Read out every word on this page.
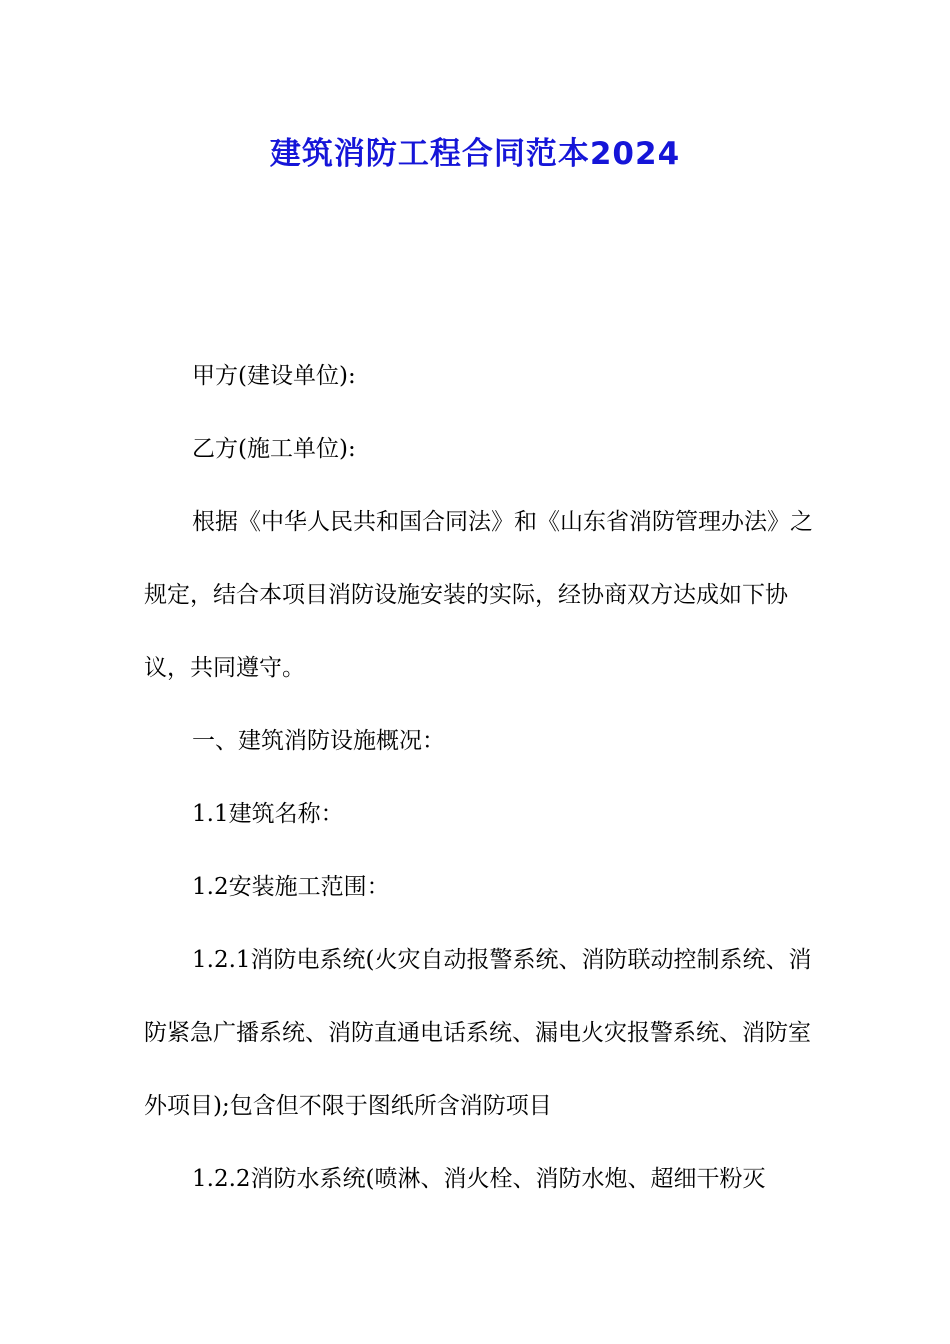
建筑消防工程合同范本2024

甲方(建设单位):

乙方(施工单位):

根据《中华人民共和国合同法》和《山东省消防管理办法》之规定，结合本项目消防设施安装的实际，经协商双方达成如下协议，共同遵守。

一、建筑消防设施概况：

1.1建筑名称：

1.2安装施工范围：

1.2.1消防电系统(火灾自动报警系统、消防联动控制系统、消防紧急广播系统、消防直通电话系统、漏电火灾报警系统、消防室外项目);包含但不限于图纸所含消防项目

1.2.2消防水系统(喷淋、消火栓、消防水炮、超细干粉灭
